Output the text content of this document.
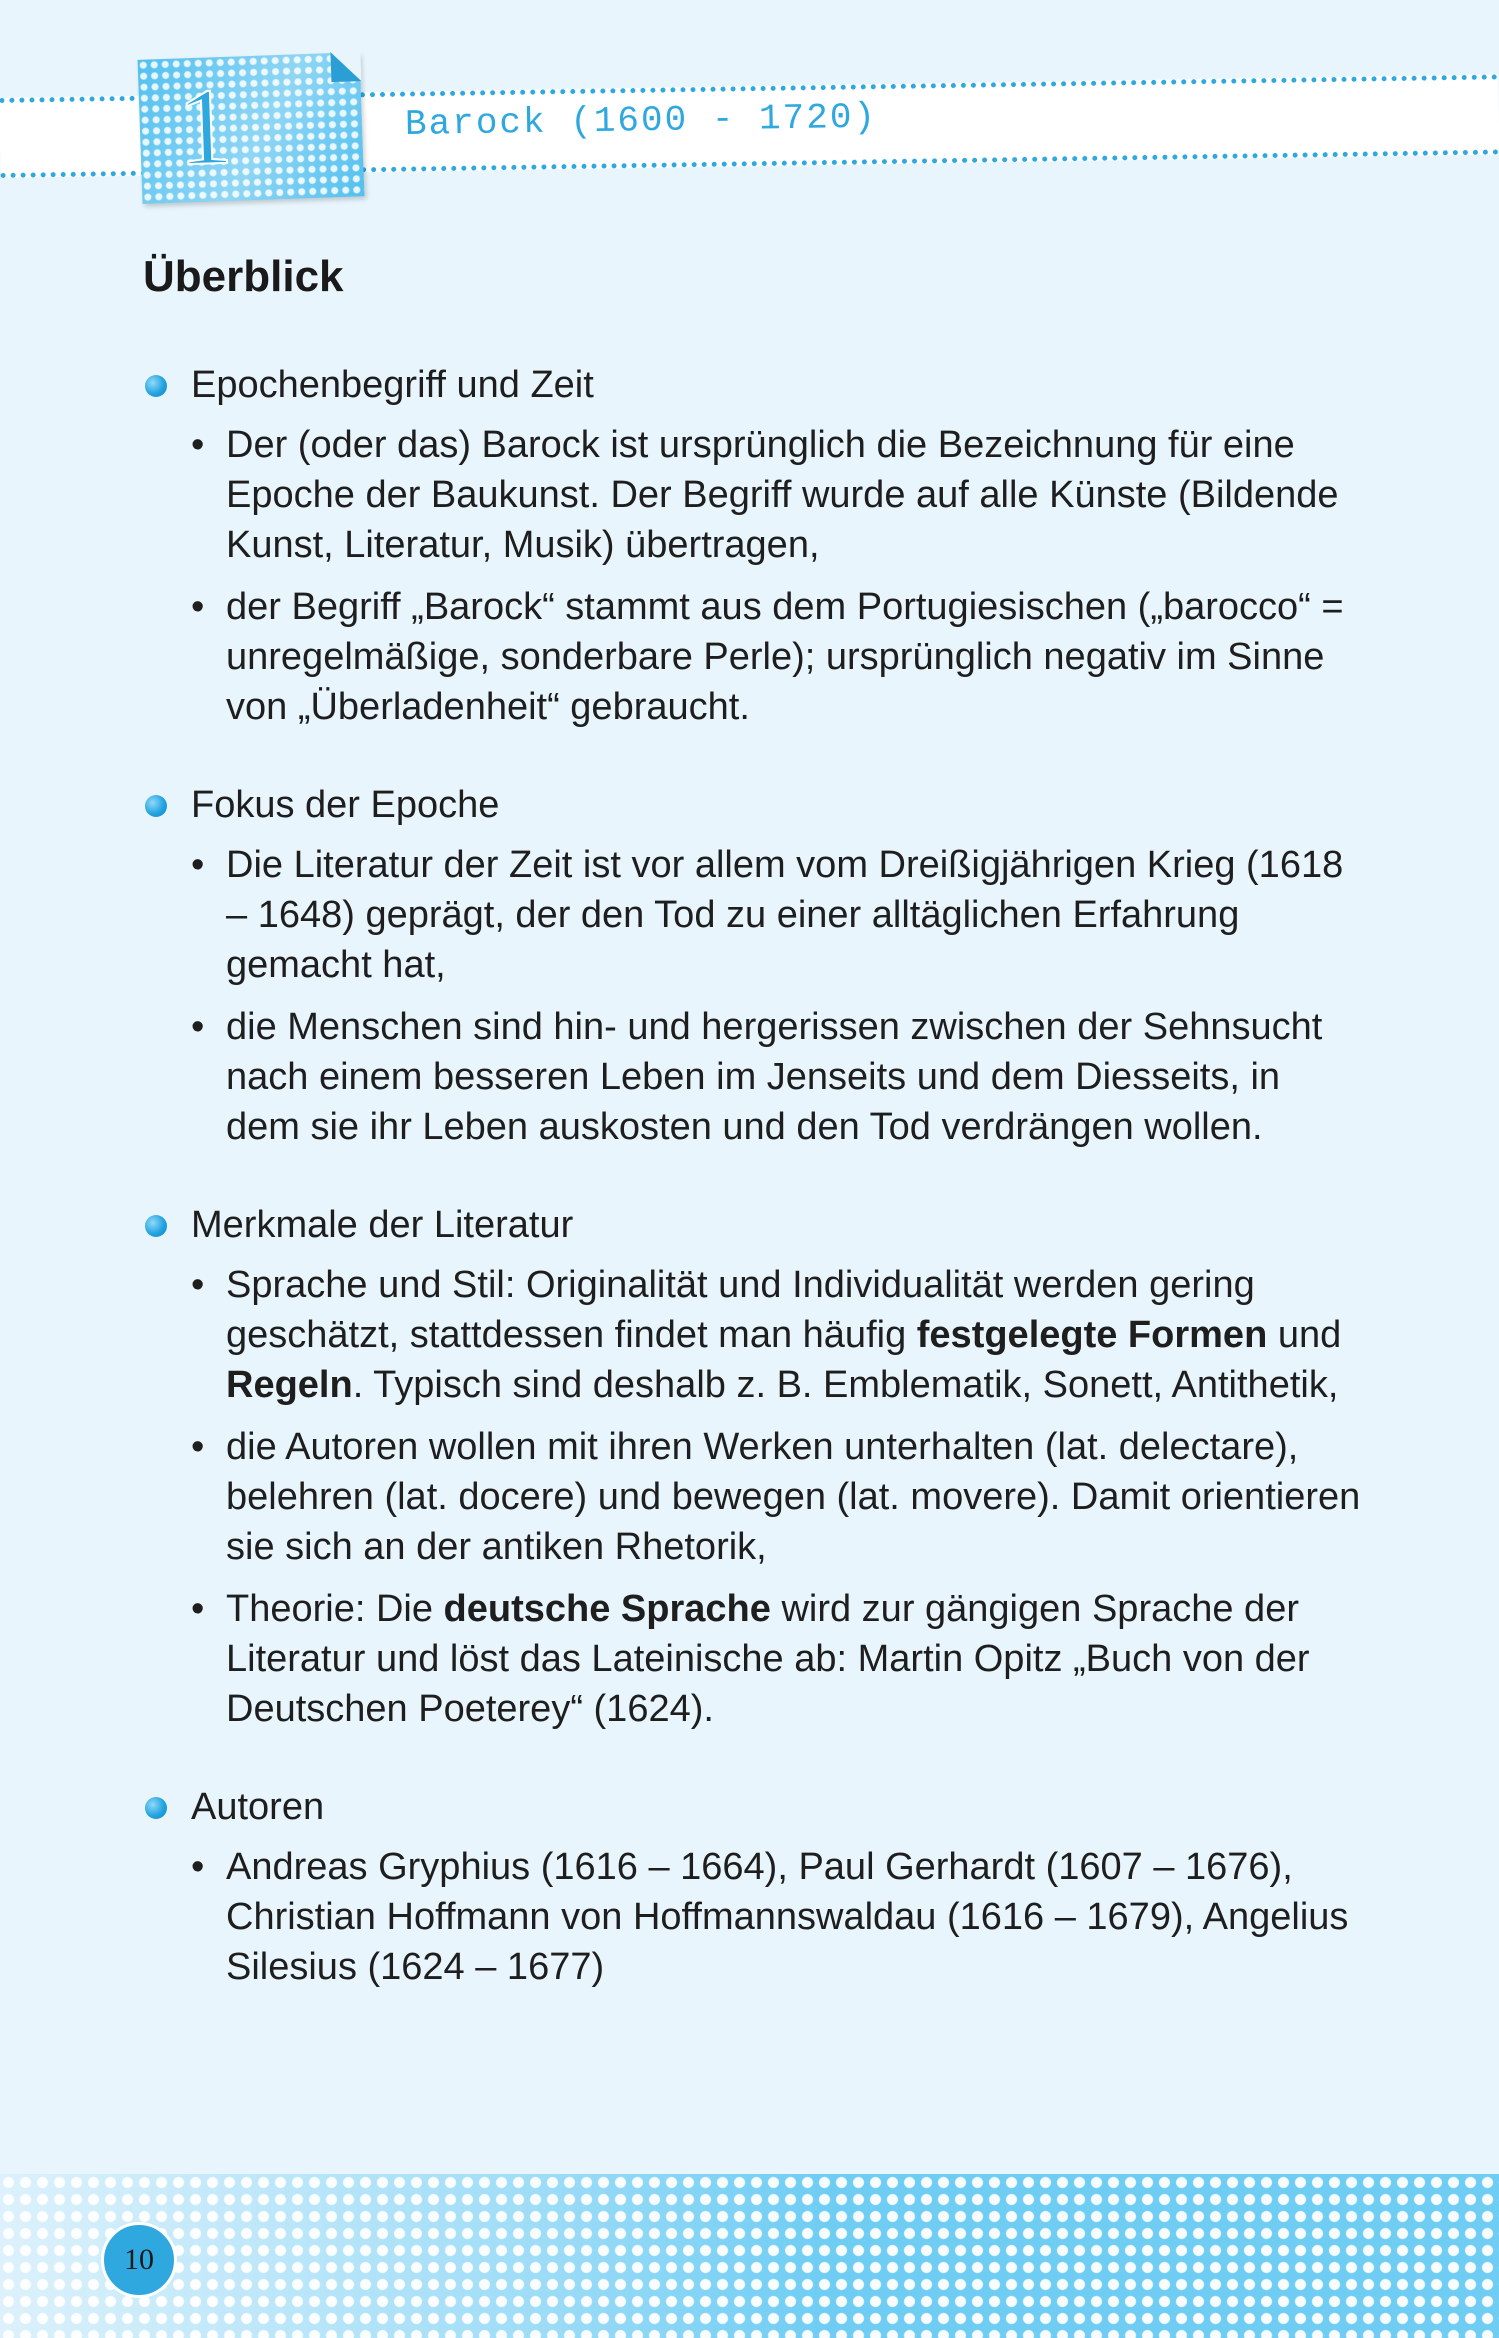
Barock (1600 - 1720)
1
Überblick
Epochenbegriff und Zeit
• Der (oder das) Barock ist ursprünglich die Bezeichnung für eine Epoche der Baukunst. Der Begriff wurde auf alle Künste (Bildende Kunst, Literatur, Musik) übertragen,
• der Begriff „Barock“ stammt aus dem Portugiesischen („barocco“ = unregelmäßige, sonderbare Perle); ursprünglich negativ im Sinne von „Überladenheit“ gebraucht.
Fokus der Epoche
• Die Literatur der Zeit ist vor allem vom Dreißigjährigen Krieg (1618 – 1648) geprägt, der den Tod zu einer alltäglichen Erfahrung gemacht hat,
• die Menschen sind hin- und hergerissen zwischen der Sehnsucht nach einem besseren Leben im Jenseits und dem Diesseits, in dem sie ihr Leben auskosten und den Tod verdrängen wollen.
Merkmale der Literatur
• Sprache und Stil: Originalität und Individualität werden gering geschätzt, stattdessen findet man häufig festgelegte Formen und Regeln. Typisch sind deshalb z. B. Emblematik, Sonett, Antithetik,
• die Autoren wollen mit ihren Werken unterhalten (lat. delectare), belehren (lat. docere) und bewegen (lat. movere). Damit orientieren sie sich an der antiken Rhetorik,
• Theorie: Die deutsche Sprache wird zur gängigen Sprache der Literatur und löst das Lateinische ab: Martin Opitz „Buch von der Deutschen Poeterey“ (1624).
Autoren
• Andreas Gryphius (1616 – 1664), Paul Gerhardt (1607 – 1676), Christian Hoffmann von Hoffmannswaldau (1616 – 1679), Angelius Silesius (1624 – 1677)
10
